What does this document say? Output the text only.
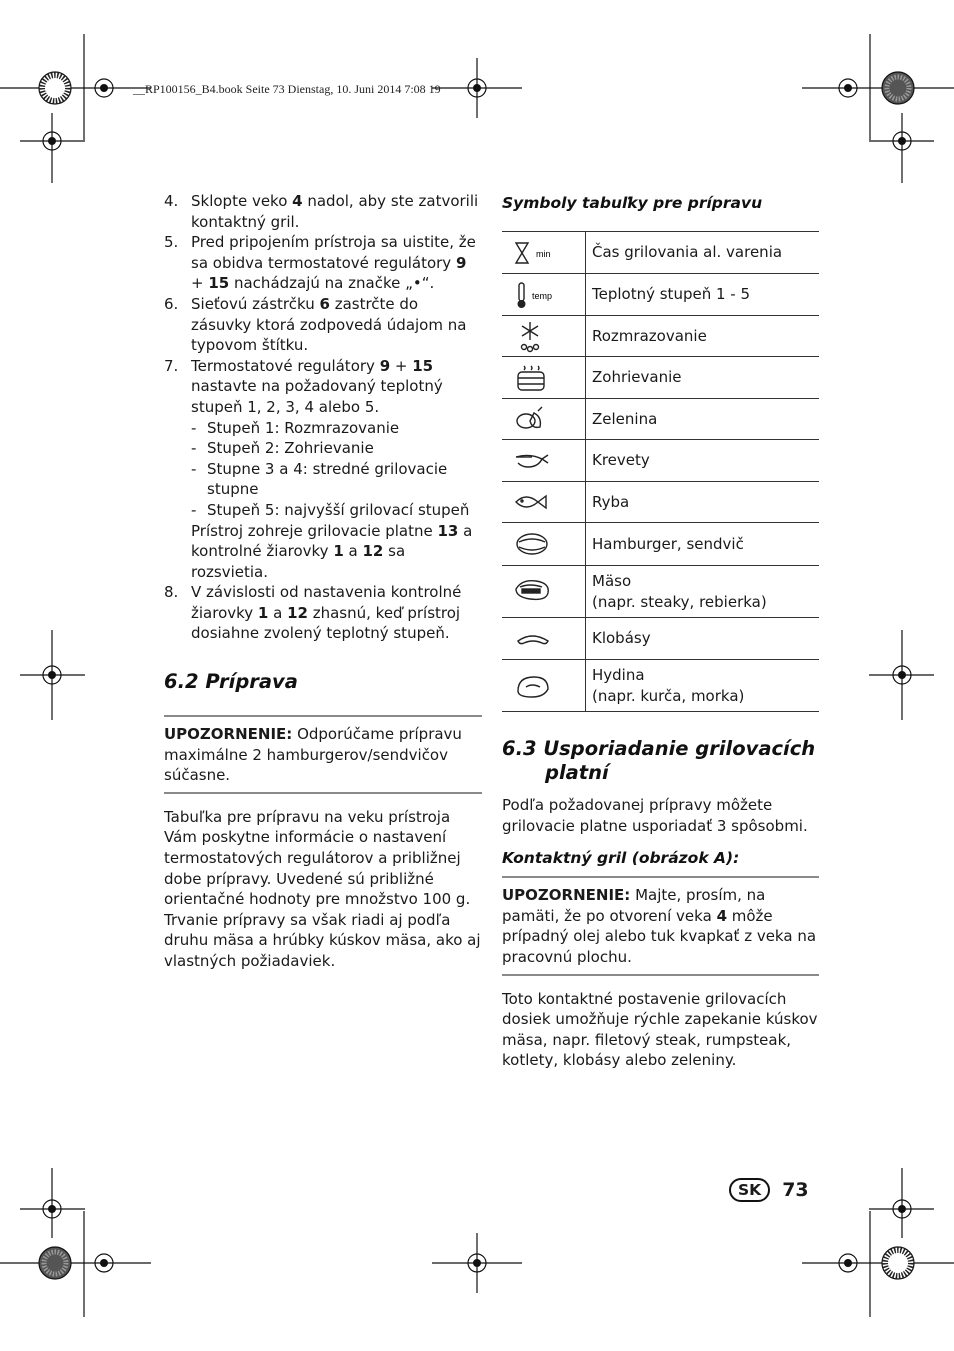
__RP100156_B4.book Seite 73 Dienstag, 10. Juni 2014 7:08 19
4. Sklopte veko 4 nadol, aby ste zatvorili kontaktný gril.
5. Pred pripojením prístroja sa uistite, že sa obidva termostatové regulátory 9 + 15 nachádzajú na značke „•“.
6. Sieťovú zástrčku 6 zastrčte do zásuvky ktorá zodpovedá údajom na typovom štítku.
7. Termostatové regulátory 9 + 15 nastavte na požadovaný teplotný stupeň 1, 2, 3, 4 alebo 5.
- Stupeň 1: Rozmrazovanie
- Stupeň 2: Zohrievanie
- Stupne 3 a 4: stredné grilovacie stupne
- Stupeň 5: najvyšší grilovací stupeň
Prístroj zohreje grilovacie platne 13 a kontrolné žiarovky 1 a 12 sa rozsvietia.
8. V závislosti od nastavenia kontrolné žiarovky 1 a 12 zhasnú, keď prístroj dosiahne zvolený teplotný stupeň.
6.2 Príprava
UPOZORNENIE: Odporúčame prípravu maximálne 2 hamburgerov/sendvičov súčasne.

Tabuľka pre prípravu na veku prístroja Vám poskytne informácie o nastavení termostatových regulátorov a približnej dobe prípravy. Uvedené sú približné orientačné hodnoty pre množstvo 100 g. Trvanie prípravy sa však riadi aj podľa druhu mäsa a hrúbky kúskov mäsa, ako aj vlastných požiadaviek.

Symboly tabuľky pre prípravu
min	Čas grilovania al. varenia

temp	Teplotný stupeň 1 - 5

	Rozmrazovanie

	Zohrievanie

	Zelenina

	Krevety

	Ryba

	Hamburger, sendvič

Mäso
(napr. steaky, rebierka)

	Klobásy

Hydina
(napr. kurča, morka)
6.3 Usporiadanie grilovacích
platní

Podľa požadovanej prípravy môžete grilovacie platne usporiadať 3 spôsobmi.

Kontaktný gril (obrázok A):
UPOZORNENIE: Majte, prosím, na pamäti, že po otvorení veka 4 môže prípadný olej alebo tuk kvapkať z veka na pracovnú plochu.

Toto kontaktné postavenie grilovacích dosiek umožňuje rýchle zapekanie kúskov mäsa, napr. filetový steak, rumpsteak, kotlety, klobásy alebo zeleniny.

SK	73
